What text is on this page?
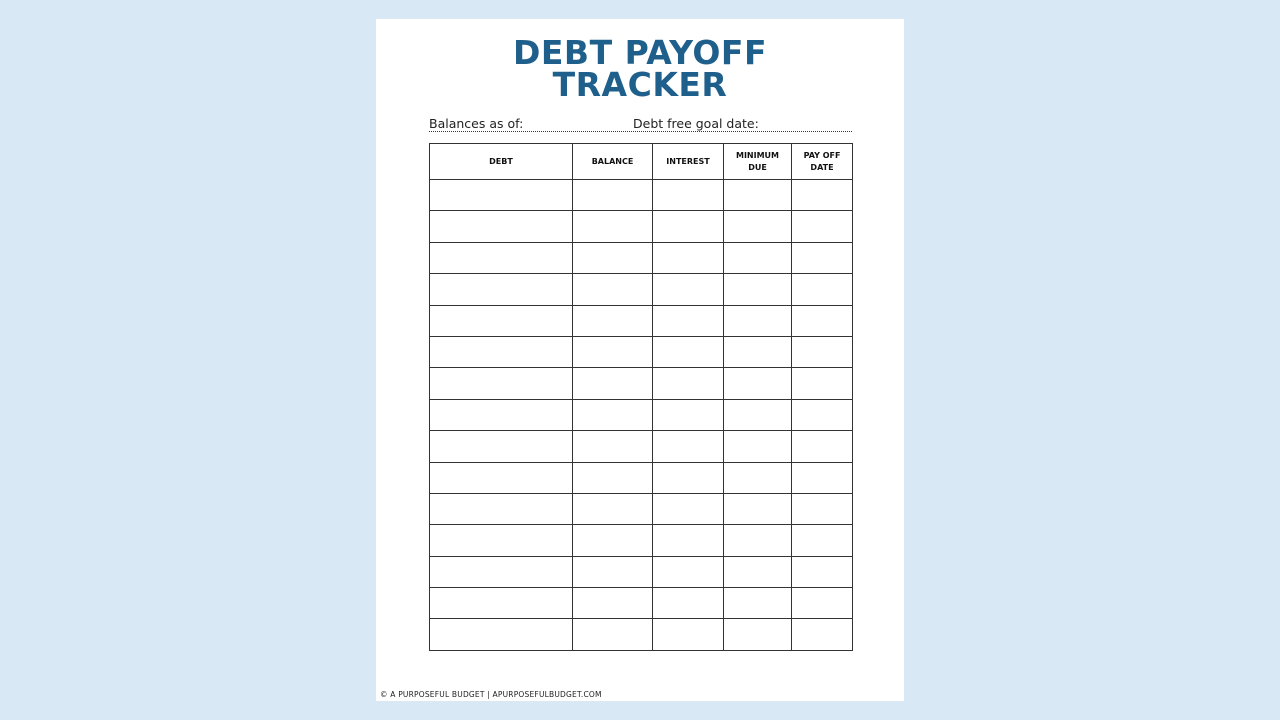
DEBT PAYOFF
TRACKER
Balances as of:	Debt free goal date:
DEBT	BALANCE	INTEREST	MINIMUM DUE	PAY OFF DATE

© A PURPOSEFUL BUDGET | APURPOSEFULBUDGET.COM
